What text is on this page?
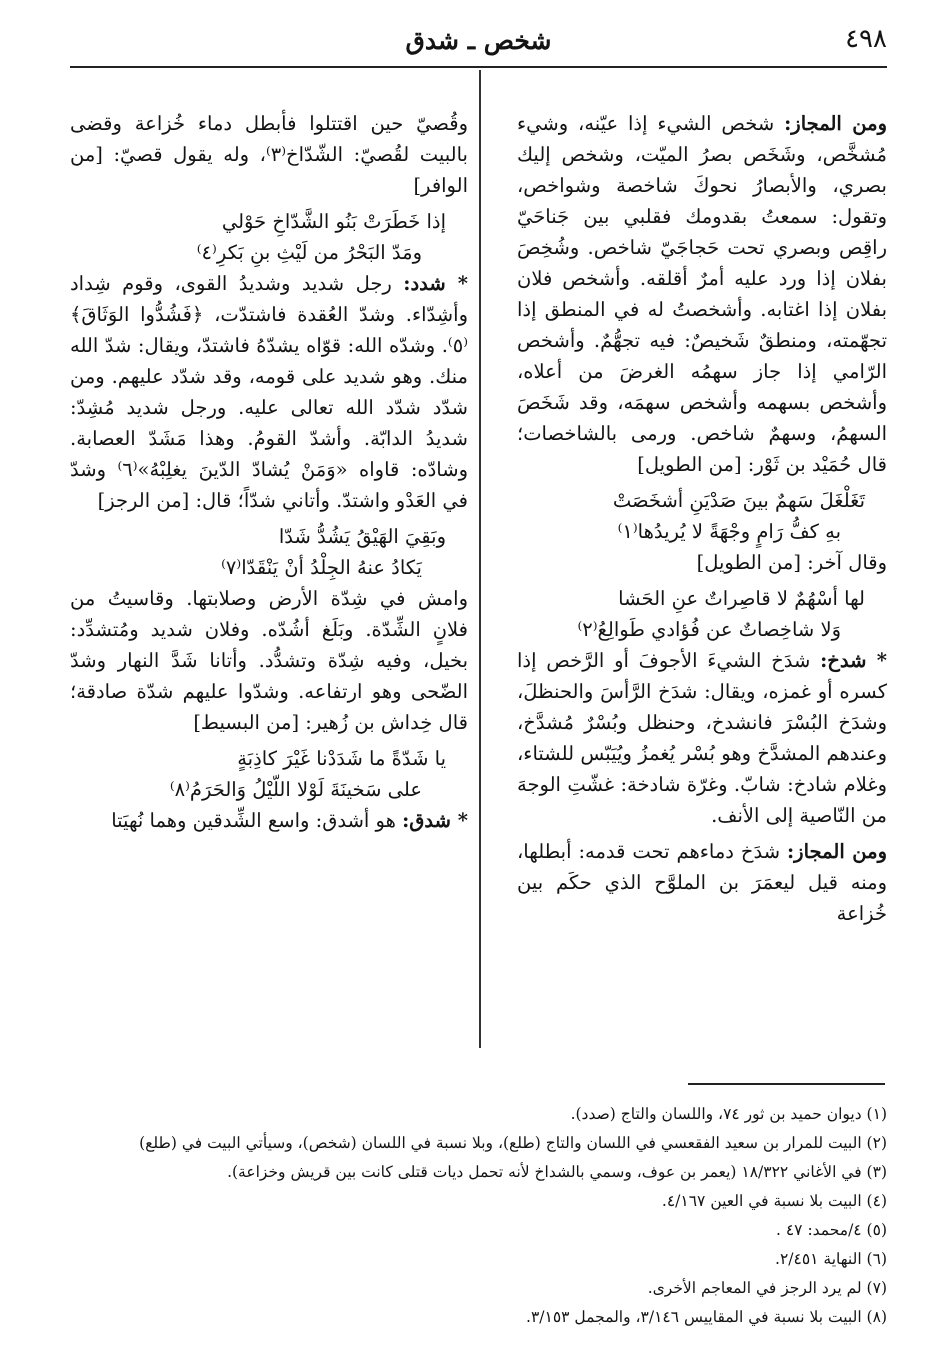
٤٩٨
شخص ـ شدق
ومن المجاز: شخص الشيء إذا عيّنه، وشيء مُشخَّص، وشَخَص بصرُ الميّت، وشخص إليك بصري، والأبصارُ نحوكَ شاخصة وشواخص، وتقول: سمعتُ بقدومك فقلبي بين جَناحَيّ راقِص وبصري تحت حَجاجَيّ شاخص. وشُخِصَ بفلان إذا ورد عليه أمرٌ أقلقه. وأشخص فلان بفلان إذا اغتابه. وأشخصتُ له في المنطق إذا تجهّمته، ومنطقٌ شَخيصٌ: فيه تجهُّمٌ. وأشخص الرّامي إذا جاز سهمُه الغرضَ من أعلاه، وأشخص بسهمه وأشخص سهمَه، وقد شَخَصَ السهمُ، وسهمٌ شاخص. ورمى بالشاخصات؛ قال حُمَيْد بن ثَوْر: [من الطويل]
تَغَلْغَلَ سَهمٌ بينَ صَدْيَنِ أشخَصَتْ
بهِ كفُّ رَامٍ وجْهَةً لا يُريدُها⁽١⁾
وقال آخر: [من الطويل]
لها أسْهُمٌ لا قاصِراتٌ عنِ الحَشا
وَلا شاخِصاتٌ عن فُؤادي طَوالِعُ⁽٢⁾
* شدخ: شدَخ الشيءَ الأجوفَ أو الرَّخص إذا كسره أو غمزه، ويقال: شدَخ الرَّأسَ والحنظلَ، وشدَخ البُسْرَ فانشدخ، وحنظل وبُسْرٌ مُشدَّخ، وعندهم المشدَّخ وهو بُسْر يُغمزُ ويُيَبّس للشتاء، وغلام شادخ: شابّ. وغرّة شادخة: غشّتِ الوجهَ من النّاصية إلى الأنف.
ومن المجاز: شدَخ دماءهم تحت قدمه: أبطلها، ومنه قيل ليعمَرَ بن الملوَّح الذي حكَم بين خُزاعة
وقُصيّ حين اقتتلوا فأبطل دماء خُزاعة وقضى بالبيت لقُصيّ: الشّدّاخ⁽٣⁾، وله يقول قصيّ: [من الوافر]
إذا خَطَرَتْ بَنُو الشَّدّاخِ حَوْلي
ومَدّ البَحْرُ من لَيْثِ بنِ بَكرِ⁽٤⁾
* شدد: رجل شديد وشديدُ القوى، وقوم شِداد وأشِدّاء. وشدّ العُقدة فاشتدّت، ﴿فَشُدُّوا الوَثَاقَ﴾⁽٥⁾. وشدّه الله: قوّاه يشدّهُ فاشتدّ، ويقال: شدّ الله منك. وهو شديد على قومه، وقد شدّد عليهم. ومن شدّد شدّد الله تعالى عليه. ورجل شديد مُشِدّ: شديدُ الدابّة. وأشدّ القومُ. وهذا مَشَدّ العصابة. وشادّه: قاواه «وَمَنْ يُشادّ الدّينَ يغلِبْهُ»⁽٦⁾ وشدّ في العَدْو واشتدّ. وأتاني شدّاً؛ قال: [من الرجز]
وبَقِيَ الهَيْقُ يَشُدُّ شَدّا
يَكادُ عنهُ الجِلْدُ أنْ يَنْقَدّا⁽٧⁾
وامش في شِدّة الأرض وصلابتها. وقاسيتُ من فلانٍ الشِّدّة. وبَلَغ أشُدّه. وفلان شديد ومُتشدِّد: بخيل، وفيه شِدّة وتشدُّد. وأتانا شَدَّ النهار وشدّ الضّحى وهو ارتفاعه. وشدّوا عليهم شدّة صادقة؛ قال خِداش بن زُهير: [من البسيط]
يا شَدّةً ما شَدَدْنا غَيْرَ كاذِبَةٍ
على سَخينَةَ لَوْلا اللّيْلُ وَالحَرَمُ⁽٨⁾
* شدق: هو أشدق: واسع الشِّدقين وهما نُهيَتا
(١) ديوان حميد بن ثور ٧٤، واللسان والتاج (صدد).
(٢) البيت للمرار بن سعيد الفقعسي في اللسان والتاج (طلع)، وبلا نسبة في اللسان (شخص)، وسيأتي البيت في (طلع)
(٣) في الأغاني ١٨/٣٢٢ (يعمر بن عوف، وسمي بالشداخ لأنه تحمل ديات قتلى كانت بين قريش وخزاعة).
(٤) البيت بلا نسبة في العين ٤/١٦٧.
(٥) ٤/محمد: ٤٧ .
(٦) النهاية ٢/٤٥١.
(٧) لم يرد الرجز في المعاجم الأخرى.
(٨) البيت بلا نسبة في المقاييس ٣/١٤٦، والمجمل ٣/١٥٣.
